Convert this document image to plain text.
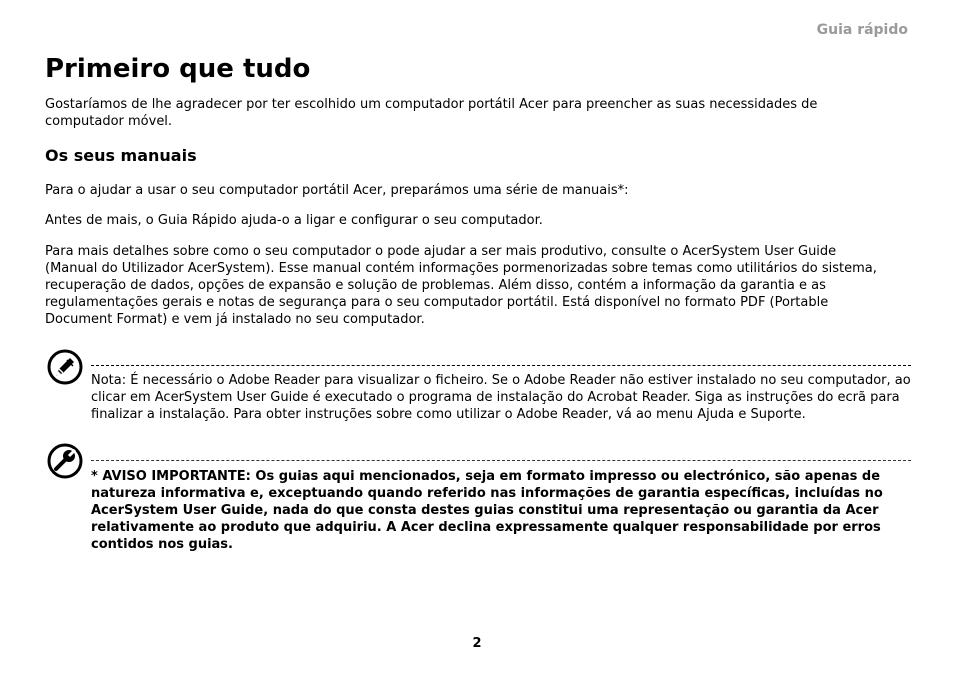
Guia rápido
Primeiro que tudo

Gostaríamos de lhe agradecer por ter escolhido um computador portátil Acer para preencher as suas necessidades de computador móvel.

Os seus manuais

Para o ajudar a usar o seu computador portátil Acer, preparámos uma série de manuais*:

Antes de mais, o Guia Rápido ajuda-o a ligar e configurar o seu computador.

Para mais detalhes sobre como o seu computador o pode ajudar a ser mais produtivo, consulte o AcerSystem User Guide (Manual do Utilizador AcerSystem). Esse manual contém informações pormenorizadas sobre temas como utilitários do sistema, recuperação de dados, opções de expansão e solução de problemas. Além disso, contém a informação da garantia e as regulamentações gerais e notas de segurança para o seu computador portátil. Está disponível no formato PDF (Portable Document Format) e vem já instalado no seu computador.

Nota: É necessário o Adobe Reader para visualizar o ficheiro. Se o Adobe Reader não estiver instalado no seu computador, ao clicar em AcerSystem User Guide é executado o programa de instalação do Acrobat Reader. Siga as instruções do ecrã para finalizar a instalação. Para obter instruções sobre como utilizar o Adobe Reader, vá ao menu Ajuda e Suporte.

* AVISO IMPORTANTE: Os guias aqui mencionados, seja em formato impresso ou electrónico, são apenas de natureza informativa e, exceptuando quando referido nas informações de garantia específicas, incluídas no AcerSystem User Guide, nada do que consta destes guias constitui uma representação ou garantia da Acer relativamente ao produto que adquiriu. A Acer declina expressamente qualquer responsabilidade por erros contidos nos guias.

2
